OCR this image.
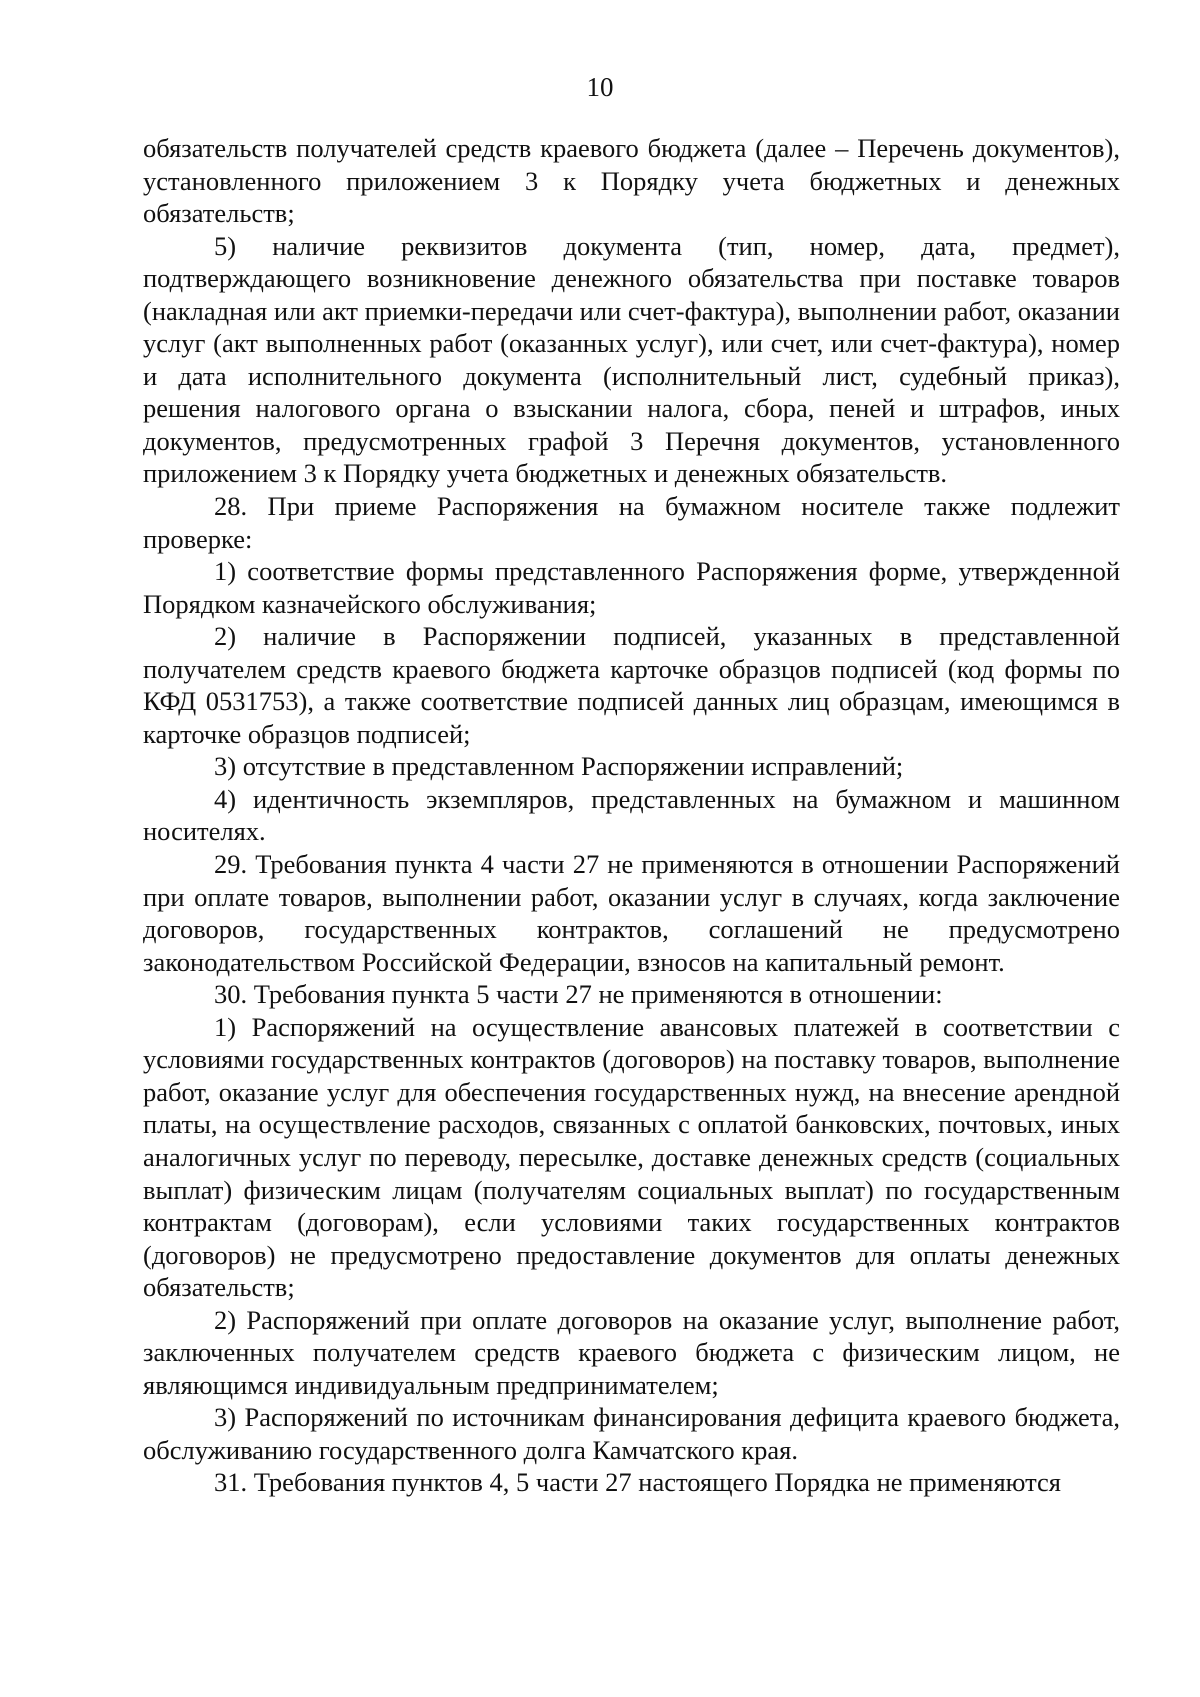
10

обязательств получателей средств краевого бюджета (далее – Перечень документов), установленного приложением 3 к Порядку учета бюджетных и денежных обязательств;

5) наличие реквизитов документа (тип, номер, дата, предмет), подтверждающего возникновение денежного обязательства при поставке товаров (накладная или акт приемки-передачи или счет-фактура), выполнении работ, оказании услуг (акт выполненных работ (оказанных услуг), или счет, или счет-фактура), номер и дата исполнительного документа (исполнительный лист, судебный приказ), решения налогового органа о взыскании налога, сбора, пеней и штрафов, иных документов, предусмотренных графой 3 Перечня документов, установленного приложением 3 к Порядку учета бюджетных и денежных обязательств.

28. При приеме Распоряжения на бумажном носителе также подлежит проверке:

1) соответствие формы представленного Распоряжения форме, утвержденной Порядком казначейского обслуживания;

2) наличие в Распоряжении подписей, указанных в представленной получателем средств краевого бюджета карточке образцов подписей (код формы по КФД 0531753), а также соответствие подписей данных лиц образцам, имеющимся в карточке образцов подписей;

3) отсутствие в представленном Распоряжении исправлений;

4) идентичность экземпляров, представленных на бумажном и машинном носителях.

29. Требования пункта 4 части 27 не применяются в отношении Распоряжений при оплате товаров, выполнении работ, оказании услуг в случаях, когда заключение договоров, государственных контрактов, соглашений не предусмотрено законодательством Российской Федерации, взносов на капитальный ремонт.

30. Требования пункта 5 части 27 не применяются в отношении:

1) Распоряжений на осуществление авансовых платежей в соответствии с условиями государственных контрактов (договоров) на поставку товаров, выполнение работ, оказание услуг для обеспечения государственных нужд, на внесение арендной платы, на осуществление расходов, связанных с оплатой банковских, почтовых, иных аналогичных услуг по переводу, пересылке, доставке денежных средств (социальных выплат) физическим лицам (получателям социальных выплат) по государственным контрактам (договорам), если условиями таких государственных контрактов (договоров) не предусмотрено предоставление документов для оплаты денежных обязательств;

2) Распоряжений при оплате договоров на оказание услуг, выполнение работ, заключенных получателем средств краевого бюджета с физическим лицом, не являющимся индивидуальным предпринимателем;

3) Распоряжений по источникам финансирования дефицита краевого бюджета, обслуживанию государственного долга Камчатского края.

31. Требования пунктов 4, 5 части 27 настоящего Порядка не применяются
